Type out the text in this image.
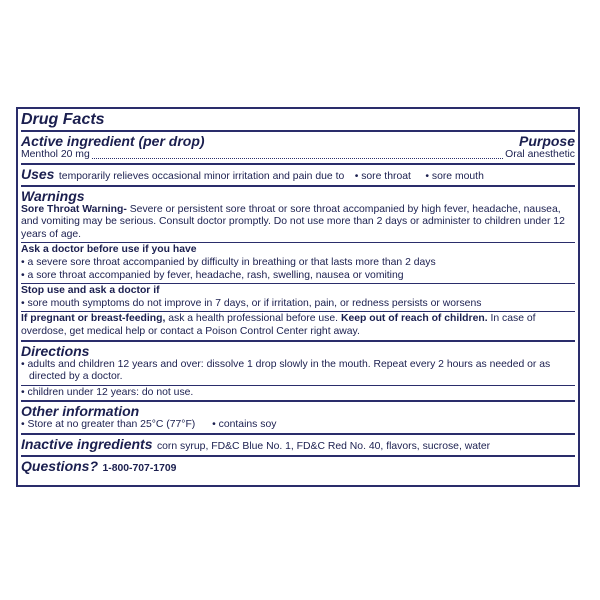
Drug Facts
Active ingredient (per drop)	Purpose
Menthol 20 mg	Oral anesthetic
Uses temporarily relieves occasional minor irritation and pain due to • sore throat • sore mouth
Warnings
Sore Throat Warning- Severe or persistent sore throat or sore throat accompanied by high fever, headache, nausea, and vomiting may be serious. Consult doctor promptly. Do not use more than 2 days or administer to children under 12 years of age.
Ask a doctor before use if you have
• a severe sore throat accompanied by difficulty in breathing or that lasts more than 2 days
• a sore throat accompanied by fever, headache, rash, swelling, nausea or vomiting
Stop use and ask a doctor if
• sore mouth symptoms do not improve in 7 days, or if irritation, pain, or redness persists or worsens
If pregnant or breast-feeding, ask a health professional before use. Keep out of reach of children. In case of overdose, get medical help or contact a Poison Control Center right away.
Directions
• adults and children 12 years and over: dissolve 1 drop slowly in the mouth. Repeat every 2 hours as needed or as directed by a doctor.
• children under 12 years: do not use.
Other information
• Store at no greater than 25°C (77°F) • contains soy
Inactive ingredients corn syrup, FD&C Blue No. 1, FD&C Red No. 40, flavors, sucrose, water
Questions? 1-800-707-1709
